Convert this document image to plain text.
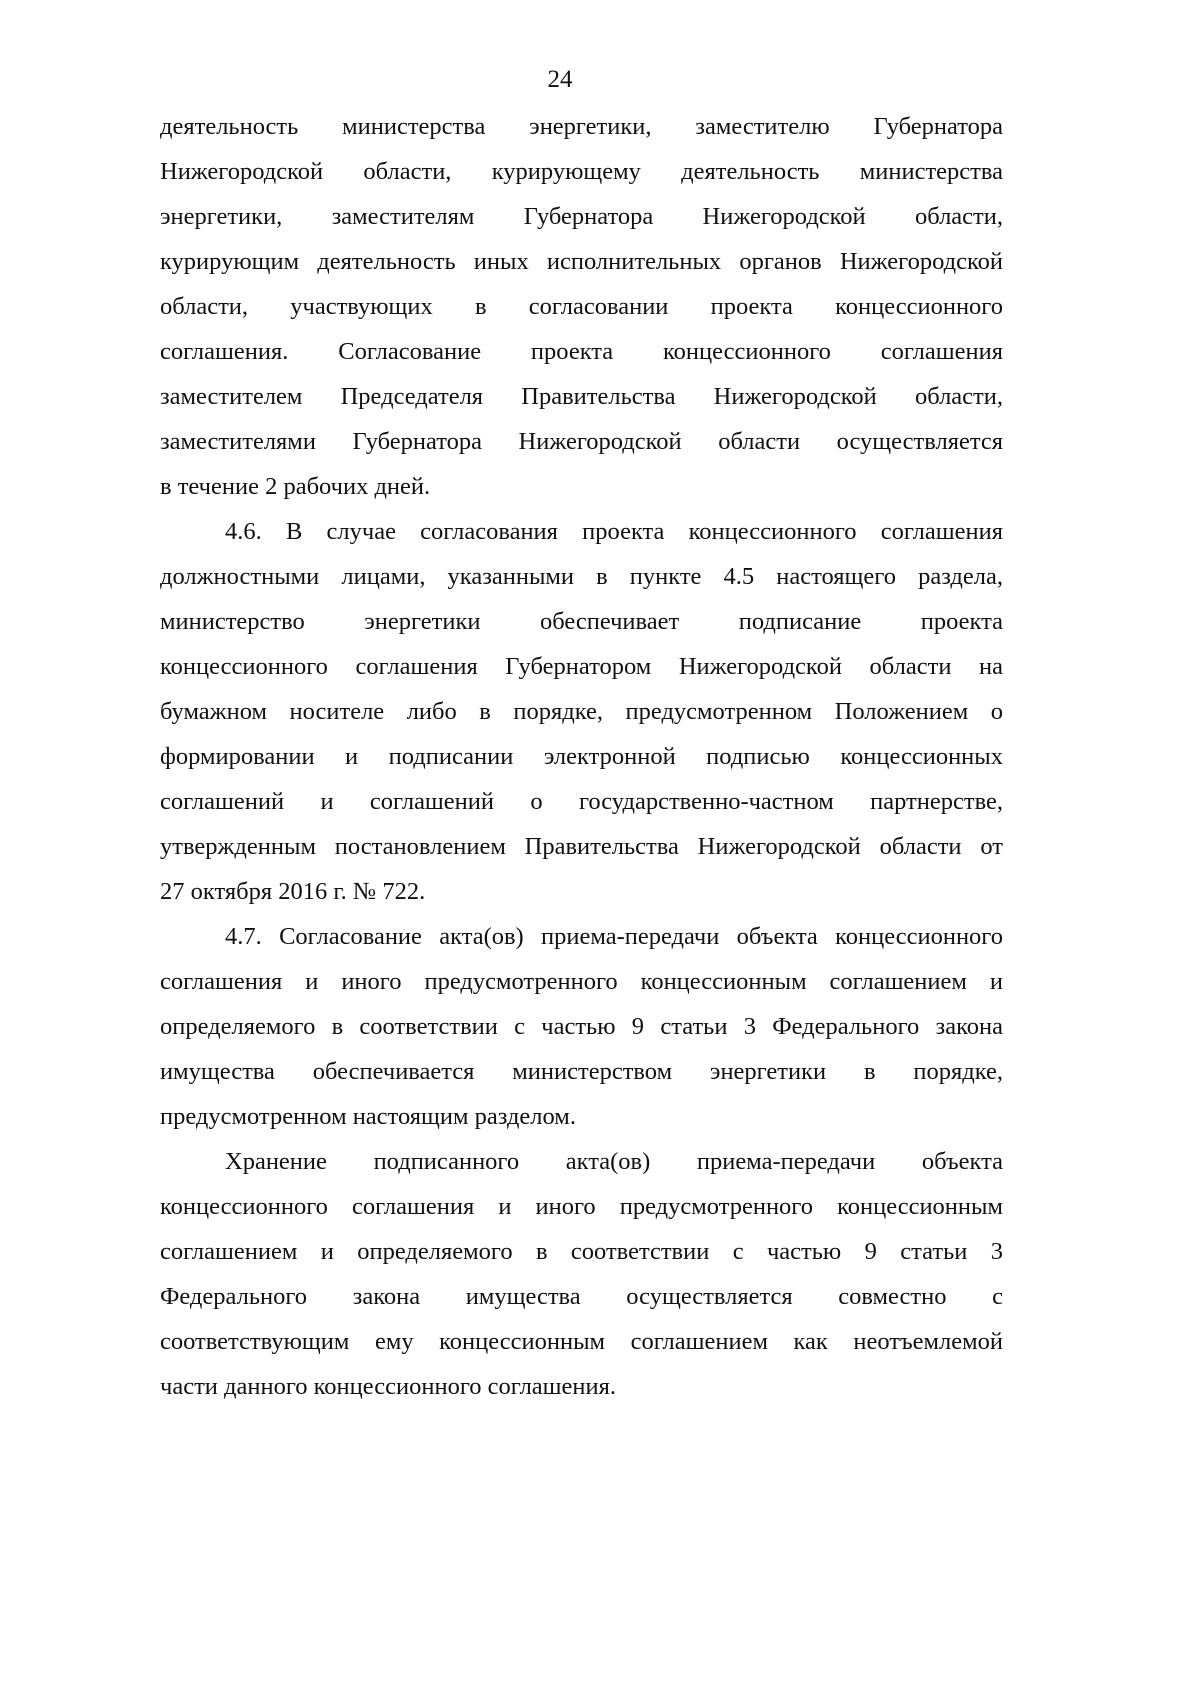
24
деятельность министерства энергетики, заместителю Губернатора
Нижегородской области, курирующему деятельность министерства
энергетики, заместителям Губернатора Нижегородской области,
курирующим деятельность иных исполнительных органов Нижегородской
области, участвующих в согласовании проекта концессионного
соглашения. Согласование проекта концессионного соглашения
заместителем Председателя Правительства Нижегородской области,
заместителями Губернатора Нижегородской области осуществляется
в течение 2 рабочих дней.
4.6. В случае согласования проекта концессионного соглашения
должностными лицами, указанными в пункте 4.5 настоящего раздела,
министерство энергетики обеспечивает подписание проекта
концессионного соглашения Губернатором Нижегородской области на
бумажном носителе либо в порядке, предусмотренном Положением о
формировании и подписании электронной подписью концессионных
соглашений и соглашений о государственно-частном партнерстве,
утвержденным постановлением Правительства Нижегородской области от
27 октября 2016 г. № 722.
4.7. Согласование акта(ов) приема-передачи объекта концессионного
соглашения и иного предусмотренного концессионным соглашением и
определяемого в соответствии с частью 9 статьи 3 Федерального закона
имущества обеспечивается министерством энергетики в порядке,
предусмотренном настоящим разделом.
Хранение подписанного акта(ов) приема-передачи объекта
концессионного соглашения и иного предусмотренного концессионным
соглашением и определяемого в соответствии с частью 9 статьи 3
Федерального закона имущества осуществляется совместно с
соответствующим ему концессионным соглашением как неотъемлемой
части данного концессионного соглашения.
